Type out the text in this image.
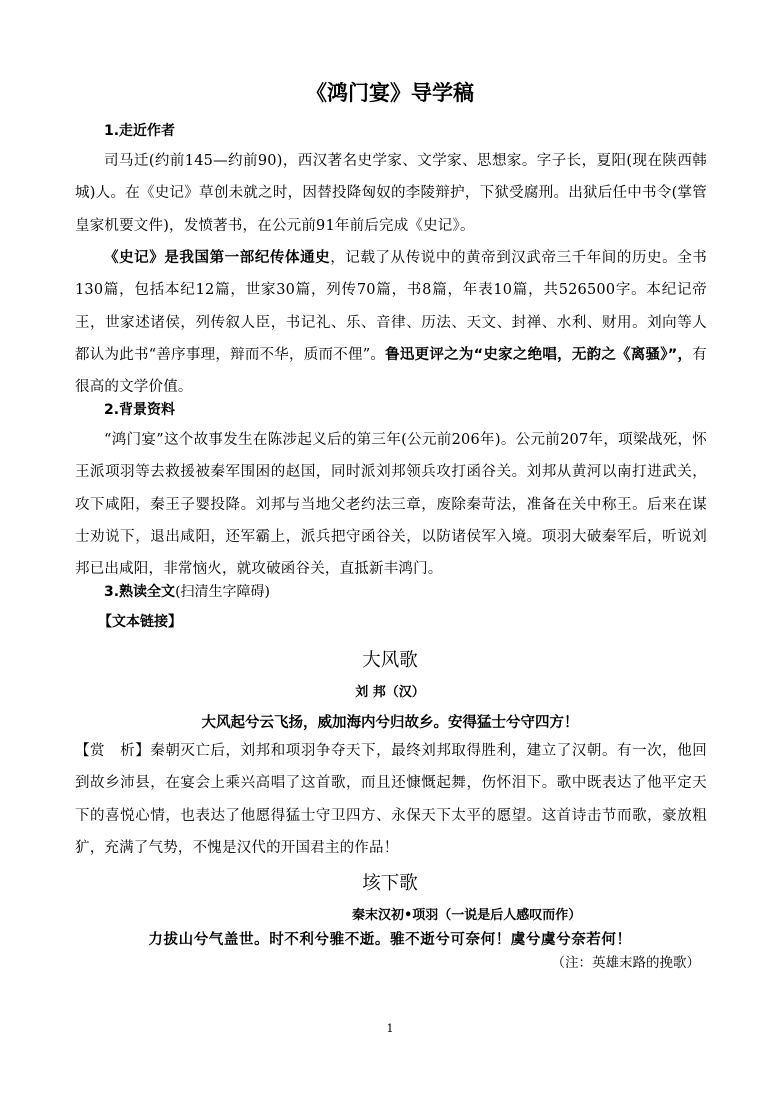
《鸿门宴》导学稿
1.走近作者
司马迁(约前145—约前90)，西汉著名史学家、文学家、思想家。字子长，夏阳(现在陕西韩城)人。在《史记》草创未就之时，因替投降匈奴的李陵辩护，下狱受腐刑。出狱后任中书令(掌管皇家机要文件)，发愤著书，在公元前91年前后完成《史记》。
《史记》是我国第一部纪传体通史，记载了从传说中的黄帝到汉武帝三千年间的历史。全书130篇，包括本纪12篇，世家30篇，列传70篇，书8篇，年表10篇，共526500字。本纪记帝王，世家述诸侯，列传叙人臣，书记礼、乐、音律、历法、天文、封禅、水利、财用。刘向等人都认为此书“善序事理，辩而不华，质而不俚”。鲁迅更评之为“史家之绝唱，无韵之《离骚》”，有很高的文学价值。
2.背景资料
“鸿门宴”这个故事发生在陈涉起义后的第三年(公元前206年)。公元前207年，项梁战死，怀王派项羽等去救援被秦军围困的赵国，同时派刘邦领兵攻打函谷关。刘邦从黄河以南打进武关，攻下咸阳，秦王子婴投降。刘邦与当地父老约法三章，废除秦苛法，准备在关中称王。后来在谋士劝说下，退出咸阳，还军霸上，派兵把守函谷关，以防诸侯军入境。项羽大破秦军后，听说刘邦已出咸阳，非常恼火，就攻破函谷关，直抵新丰鸿门。
3.熟读全文(扫清生字障碍)
【文本链接】
大风歌
刘 邦（汉）
大风起兮云飞扬，威加海内兮归故乡。安得猛士兮守四方！
【赏　析】秦朝灭亡后，刘邦和项羽争夺天下，最终刘邦取得胜利，建立了汉朝。有一次，他回到故乡沛县，在宴会上乘兴高唱了这首歌，而且还慷慨起舞，伤怀泪下。歌中既表达了他平定天下的喜悦心情，也表达了他愿得猛士守卫四方、永保天下太平的愿望。这首诗击节而歌，豪放粗犷，充满了气势，不愧是汉代的开国君主的作品！
垓下歌
秦末汉初•项羽（一说是后人感叹而作）
力拔山兮气盖世。时不利兮骓不逝。骓不逝兮可奈何！虞兮虞兮奈若何！
（注：英雄末路的挽歌）
1
